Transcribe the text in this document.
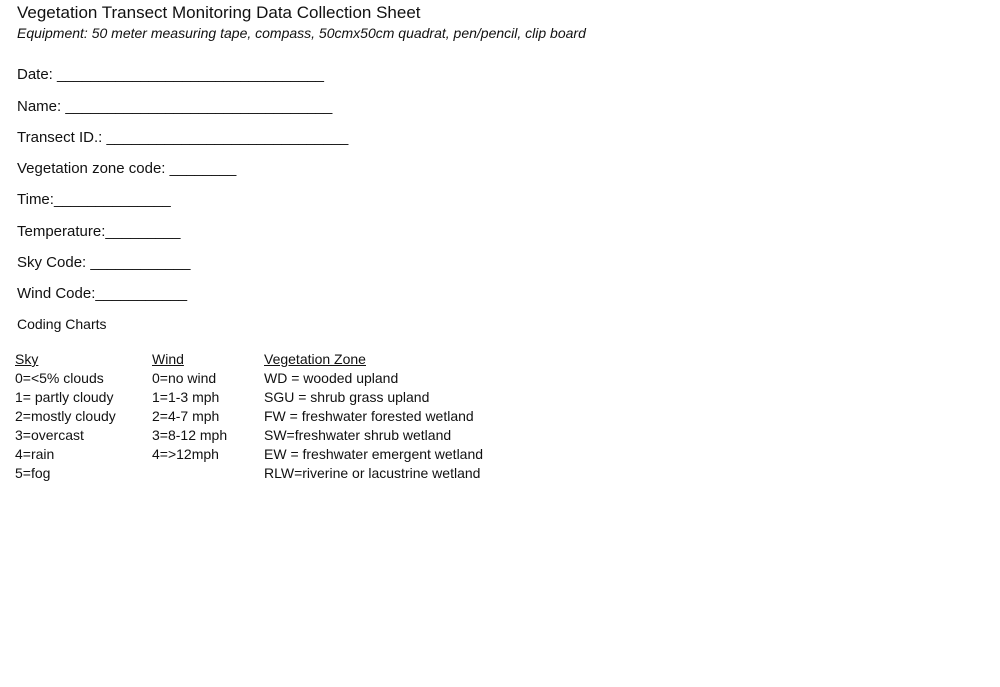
Vegetation Transect Monitoring Data Collection Sheet
Equipment: 50 meter measuring tape, compass, 50cmx50cm quadrat, pen/pencil, clip board
Date: ________________________________
Name: ________________________________
Transect ID.: _____________________________
Vegetation zone code: ________
Time:______________
Temperature:_________
Sky Code: ____________
Wind Code:___________
Coding Charts
Sky
0=<5% clouds
1= partly cloudy
2=mostly cloudy
3=overcast
4=rain
5=fog
Wind
0=no wind
1=1-3 mph
2=4-7 mph
3=8-12 mph
4=>12mph
Vegetation Zone
WD = wooded upland
SGU = shrub grass upland
FW = freshwater forested wetland
SW=freshwater shrub wetland
EW = freshwater emergent wetland
RLW=riverine or lacustrine wetland
